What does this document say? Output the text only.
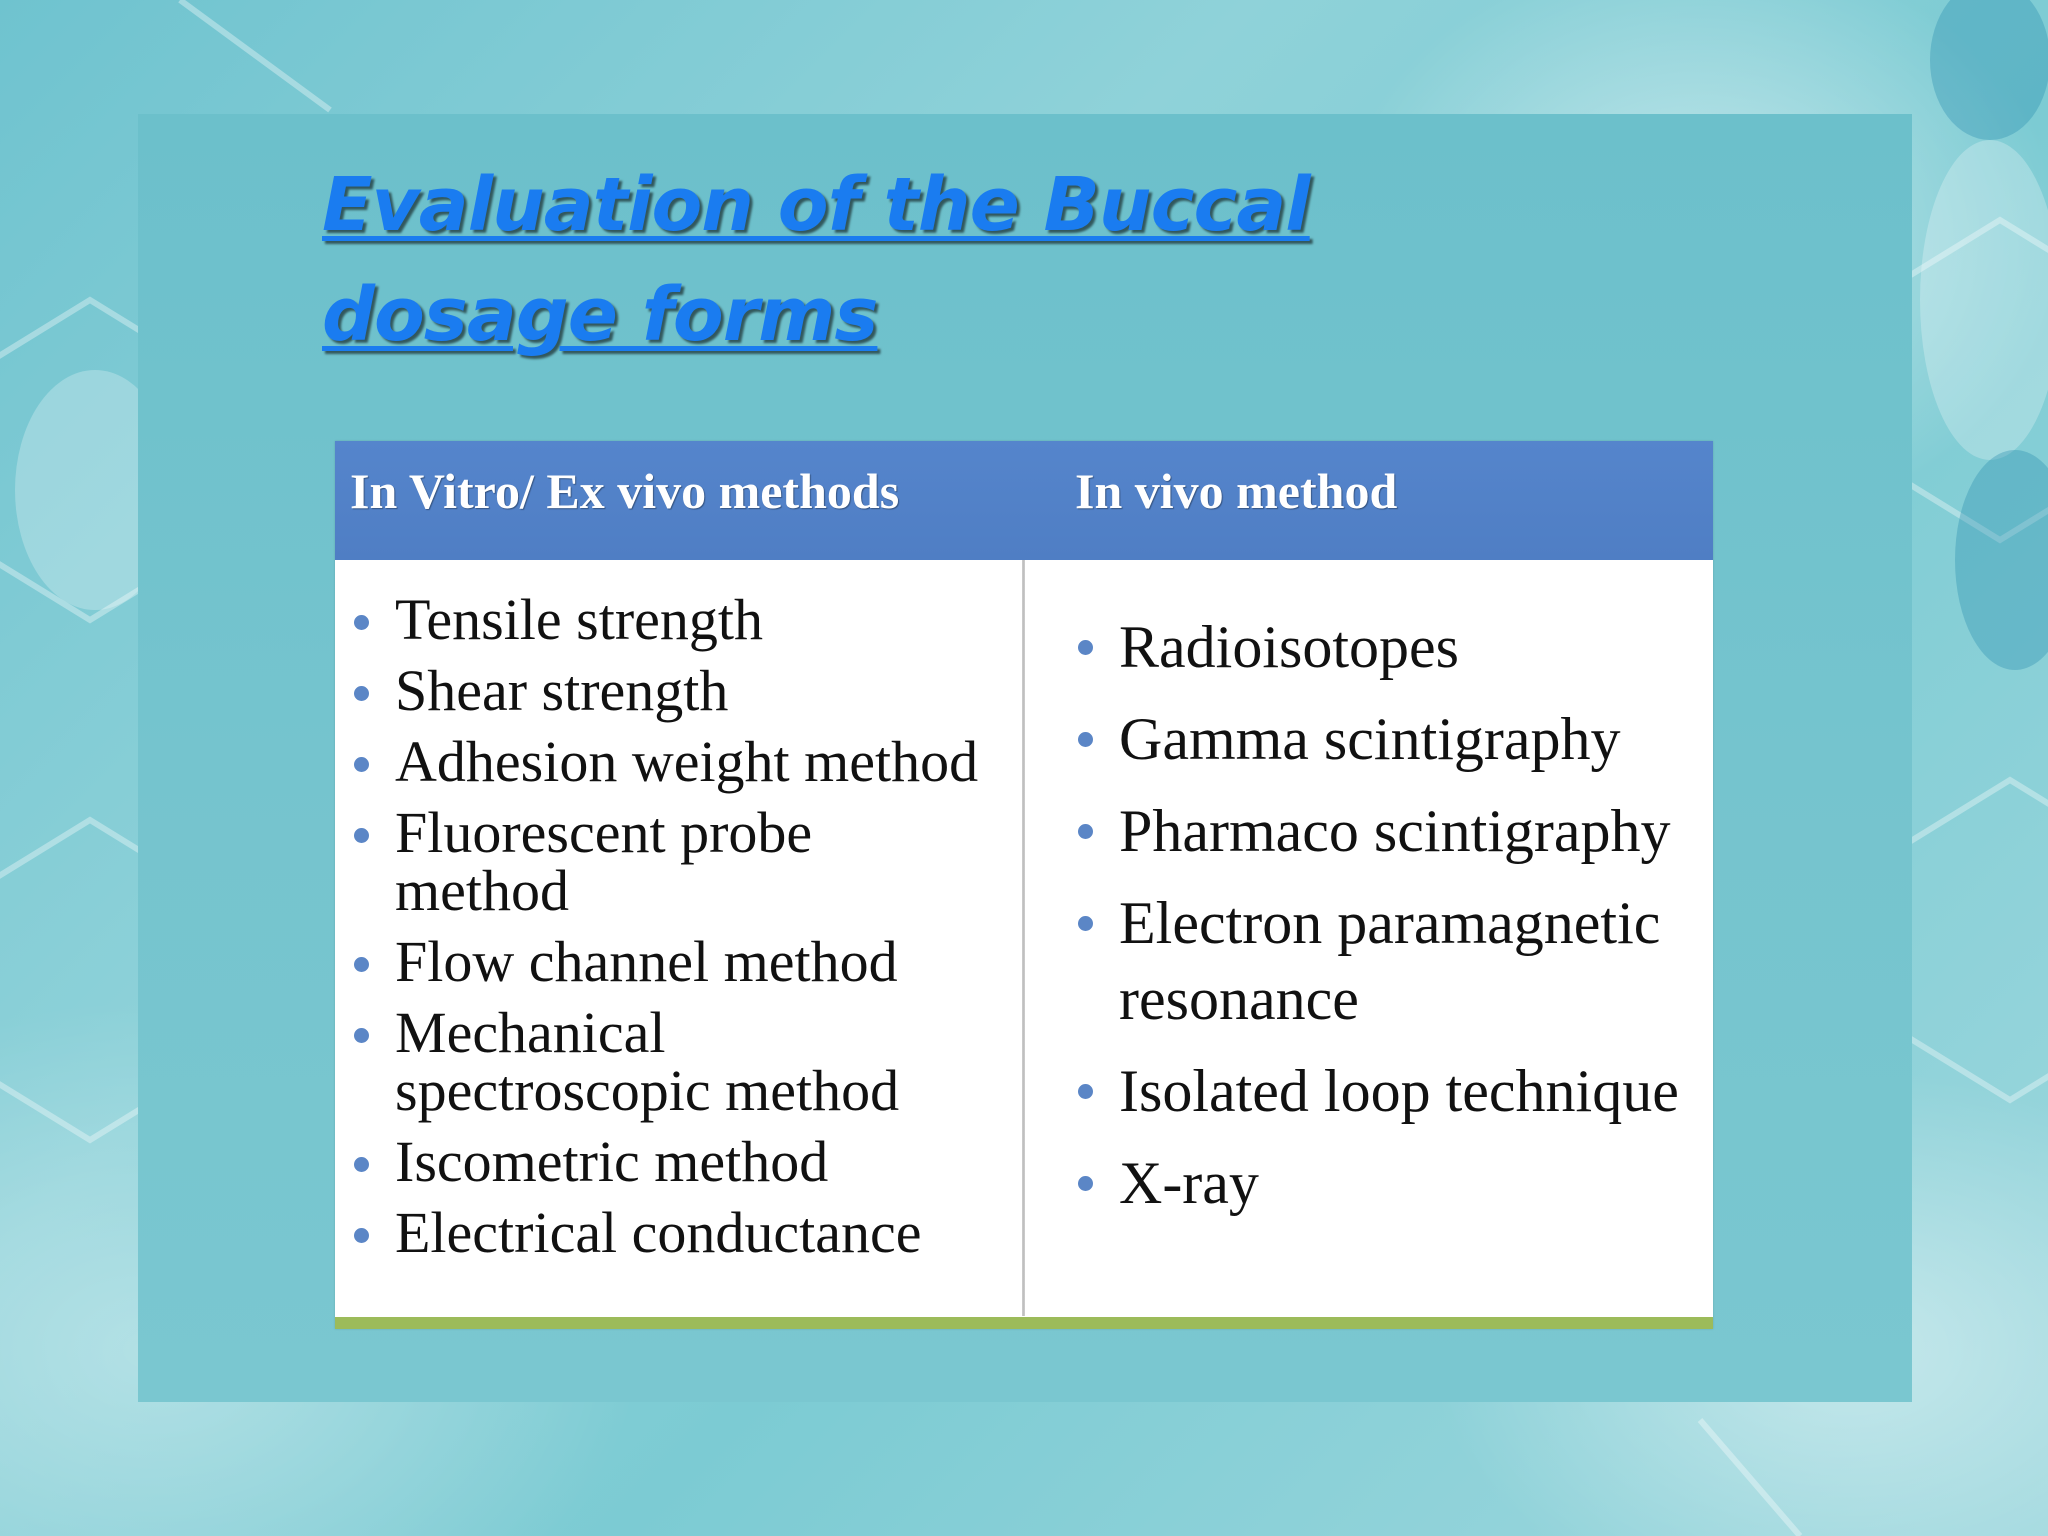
Evaluation of the Buccal dosage forms
In Vitro/ Ex vivo methods	In vivo method
Tensile strength
Shear strength
Adhesion weight method
Fluorescent probe method
Flow channel method
Mechanical spectroscopic method
Iscometric method
Electrical conductance
Radioisotopes
Gamma scintigraphy
Pharmaco scintigraphy
Electron paramagnetic resonance
Isolated loop technique
X-ray
